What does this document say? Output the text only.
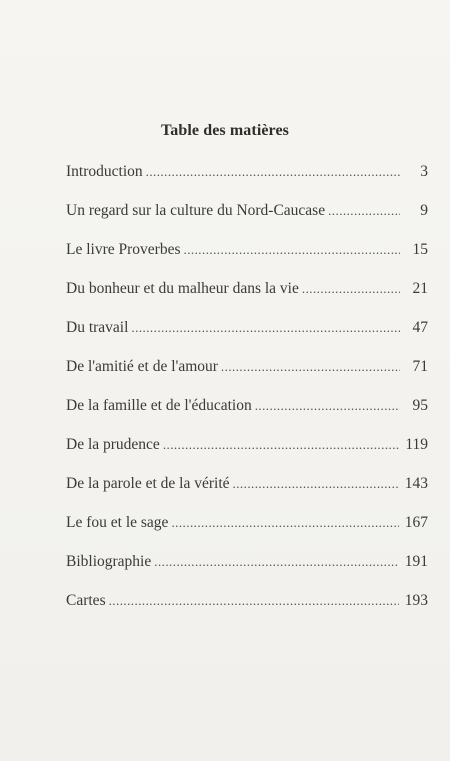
Table des matières
Introduction . . .	3
Un regard sur la culture du Nord-Caucase . . .	9
Le livre Proverbes . . .	15
Du bonheur et du malheur dans la vie . . .	21
Du travail . . .	47
De l'amitié et de l'amour . . .	71
De la famille et de l'éducation . . .	95
De la prudence . . .	119
De la parole et de la vérité . . .	143
Le fou et le sage . . .	167
Bibliographie . . .	191
Cartes . . .	193
